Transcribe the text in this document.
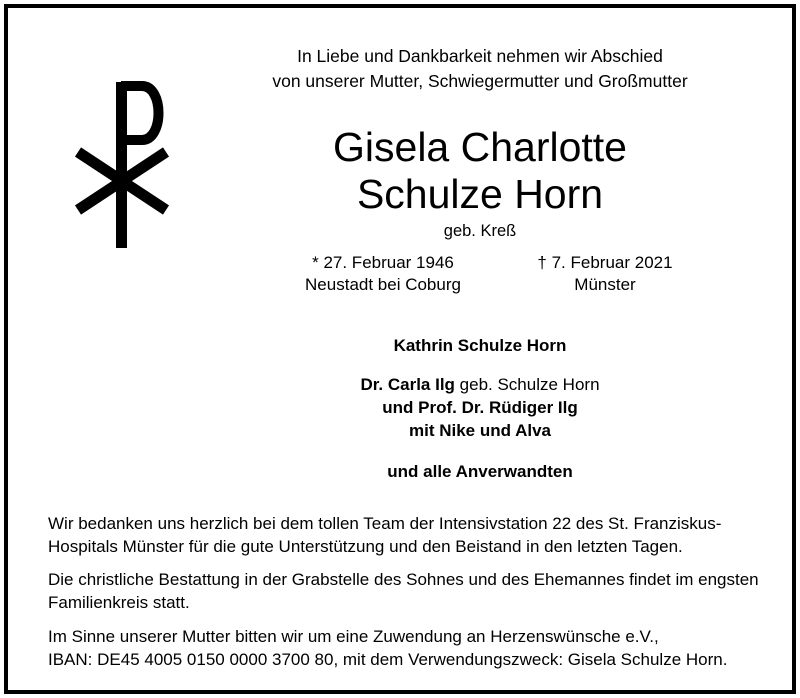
In Liebe und Dankbarkeit nehmen wir Abschied
von unserer Mutter, Schwiegermutter und Großmutter
Gisela Charlotte
Schulze Horn
geb. Kreß
* 27. Februar 1946
Neustadt bei Coburg
† 7. Februar 2021
Münster
Kathrin Schulze Horn
Dr. Carla Ilg geb. Schulze Horn
und Prof. Dr. Rüdiger Ilg
mit Nike und Alva
und alle Anverwandten
Wir bedanken uns herzlich bei dem tollen Team der Intensivstation 22 des St. Franziskus-
Hospitals Münster für die gute Unterstützung und den Beistand in den letzten Tagen.
Die christliche Bestattung in der Grabstelle des Sohnes und des Ehemannes findet im engsten
Familienkreis statt.
Im Sinne unserer Mutter bitten wir um eine Zuwendung an Herzenswünsche e.V.,
IBAN: DE45 4005 0150 0000 3700 80, mit dem Verwendungszweck: Gisela Schulze Horn.
